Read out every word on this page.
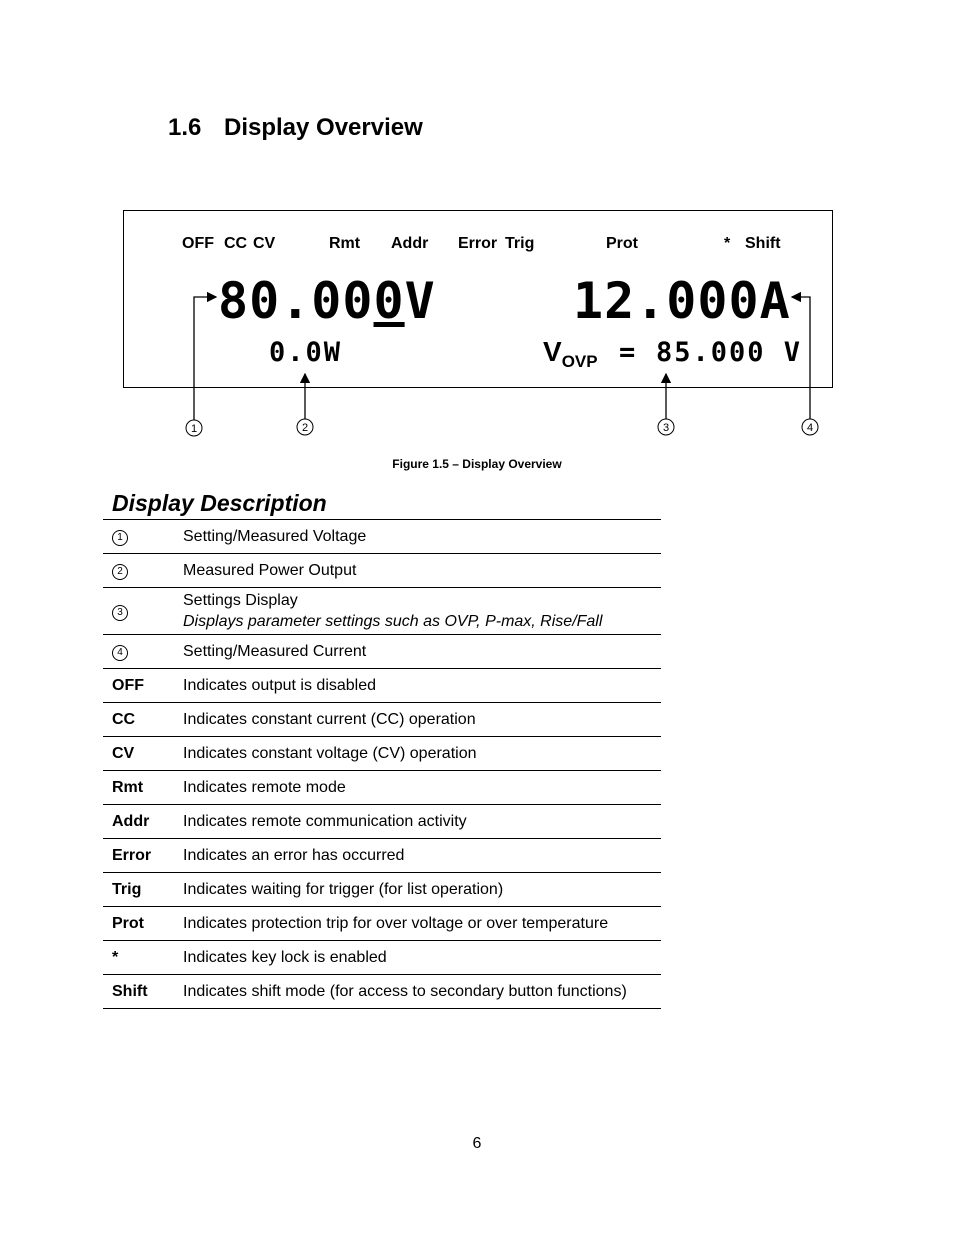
1.6 Display Overview
OFF CC CV	Rmt Addr Error Trig	Prot	* Shift
80.000V	12.000A
0.0W	VOVP = 85.000 V
1	2	3	4
Figure 1.5 – Display Overview
Display Description
1	Setting/Measured Voltage
2	Measured Power Output
3	Settings Display
Displays parameter settings such as OVP, P-max, Rise/Fall

4	Setting/Measured Current
OFF	Indicates output is disabled
CC	Indicates constant current (CC) operation
CV	Indicates constant voltage (CV) operation
Rmt	Indicates remote mode
Addr	Indicates remote communication activity
Error	Indicates an error has occurred
Trig	Indicates waiting for trigger (for list operation)
Prot	Indicates protection trip for over voltage or over temperature
*	Indicates key lock is enabled
Shift	Indicates shift mode (for access to secondary button functions)
6
